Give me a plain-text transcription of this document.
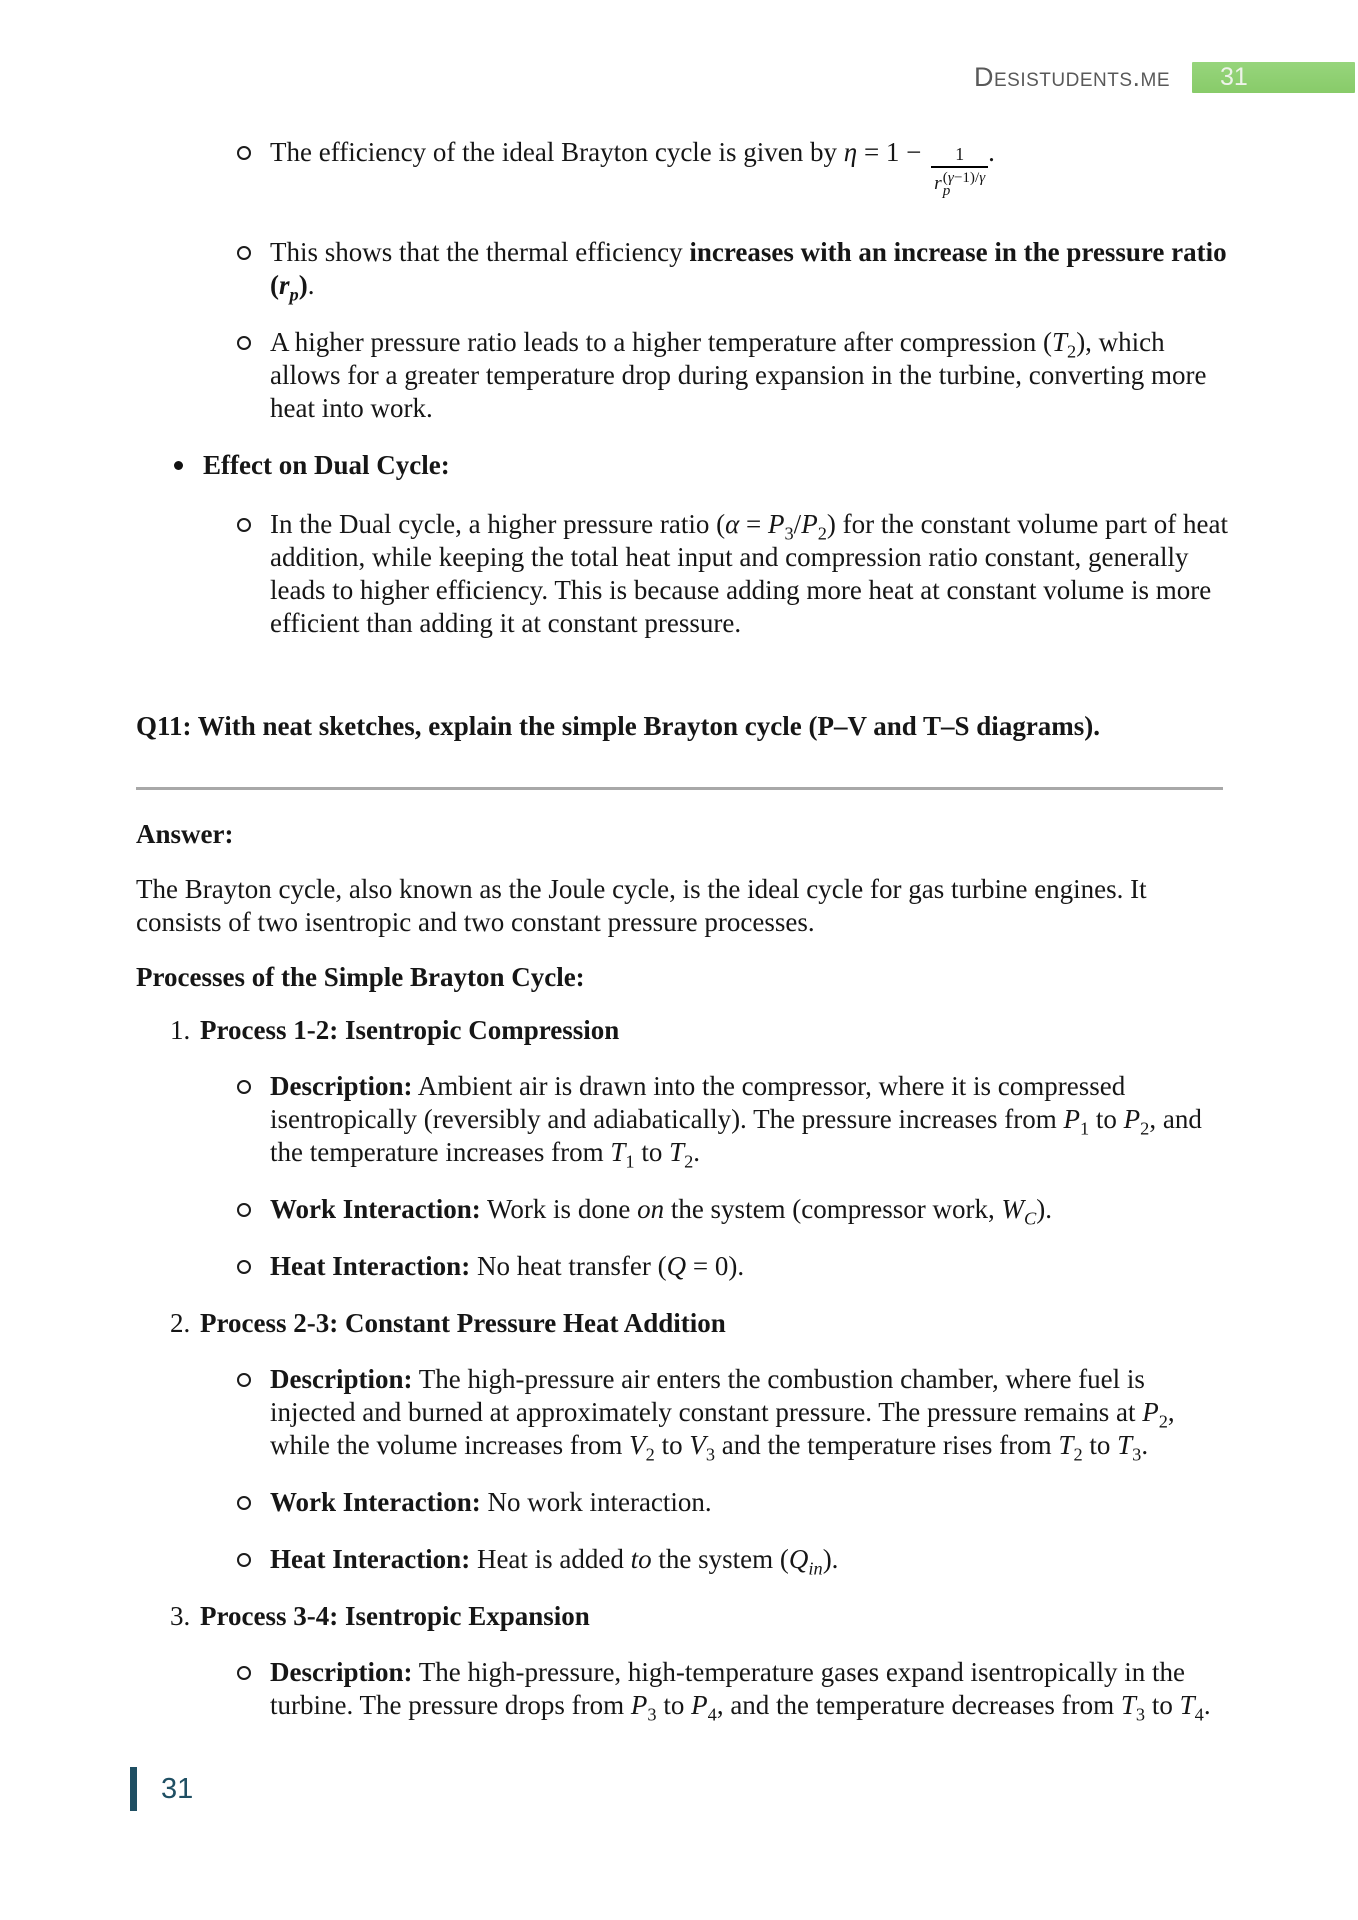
Desistudents.me	31
The efficiency of the ideal Brayton cycle is given by η = 1 − 1
r (γ−1)/γ
p .
This shows that the thermal efficiency increases with an increase in the pressure ratio $(r_p)$.
A higher pressure ratio leads to a higher temperature after compression $(T_2)$, which allows for a greater temperature drop during expansion in the turbine, converting more heat into work.
Effect on Dual Cycle:
In the Dual cycle, a higher pressure ratio $(\alpha = P_3/P_2)$ for the constant volume part of heat addition, while keeping the total heat input and compression ratio constant, generally leads to higher efficiency. This is because adding more heat at constant volume is more efficient than adding it at constant pressure.
Q11: With neat sketches, explain the simple Brayton cycle (P–V and T–S diagrams).
Answer:
The Brayton cycle, also known as the Joule cycle, is the ideal cycle for gas turbine engines. It consists of two isentropic and two constant pressure processes.
Processes of the Simple Brayton Cycle:
1. Process 1-2: Isentropic Compression
Description: Ambient air is drawn into the compressor, where it is compressed isentropically (reversibly and adiabatically). The pressure increases from $P_1$ to $P_2$, and the temperature increases from $T_1$ to $T_2$.
Work Interaction: Work is done on the system (compressor work, $W_C$).
Heat Interaction: No heat transfer (Q = 0).
2. Process 2-3: Constant Pressure Heat Addition
Description: The high-pressure air enters the combustion chamber, where fuel is injected and burned at approximately constant pressure. The pressure remains at $P_2$, while the volume increases from $V_2$ to $V_3$ and the temperature rises from $T_2$ to $T_3$.
Work Interaction: No work interaction.
Heat Interaction: Heat is added to the system $(Q_{in})$.
3. Process 3-4: Isentropic Expansion
Description: The high-pressure, high-temperature gases expand isentropically in the turbine. The pressure drops from $P_3$ to $P_4$, and the temperature decreases from $T_3$ to $T_4$.
31
